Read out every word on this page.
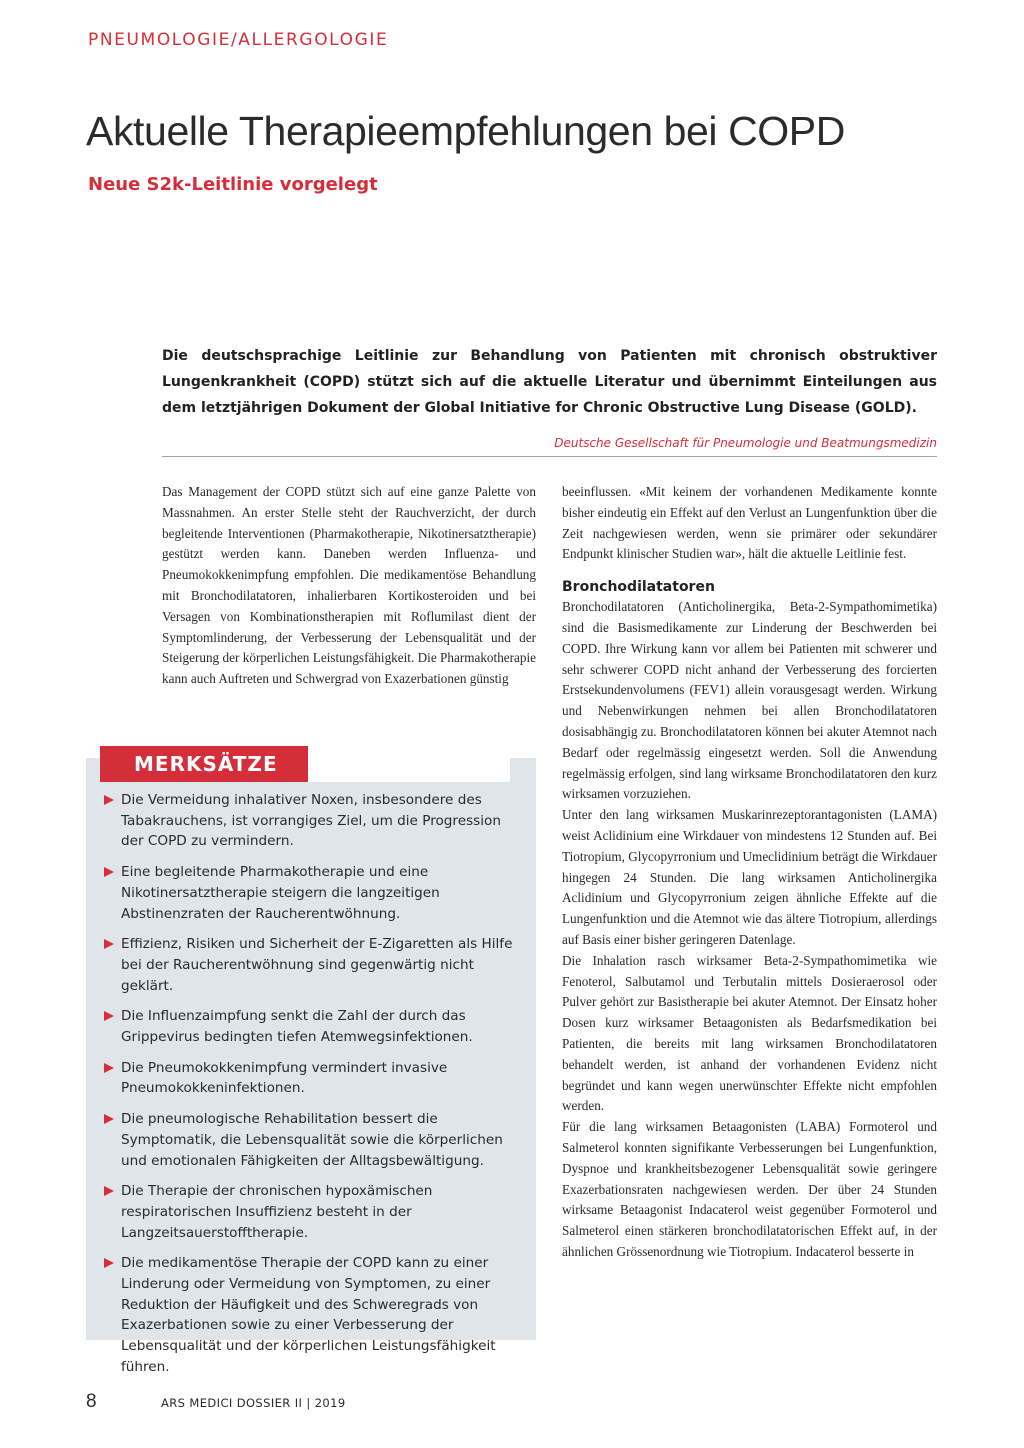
PNEUMOLOGIE/ALLERGOLOGIE
Aktuelle Therapieempfehlungen bei COPD
Neue S2k-Leitlinie vorgelegt

Die deutschsprachige Leitlinie zur Behandlung von Patienten mit chronisch obstruktiver Lungenkrankheit (COPD) stützt sich auf die aktuelle Literatur und übernimmt Einteilungen aus dem letztjährigen Dokument der Global Initiative for Chronic Obstructive Lung Disease (GOLD).

Deutsche Gesellschaft für Pneumologie und Beatmungsmedizin

Das Management der COPD stützt sich auf eine ganze Palette von Massnahmen. An erster Stelle steht der Rauchverzicht, der durch begleitende Interventionen (Pharmakotherapie, Nikotinersatztherapie) gestützt werden kann. Daneben werden Influenza- und Pneumokokkenimpfung empfohlen. Die medikamentöse Behandlung mit Bronchodilatatoren, inhalierbaren Kortikosteroiden und bei Versagen von Kombinationstherapien mit Roflumilast dient der Symptomlinderung, der Verbesserung der Lebensqualität und der Steigerung der körperlichen Leistungsfähigkeit. Die Pharmakotherapie kann auch Auftreten und Schwergrad von Exazerbationen günstig

beeinflussen. «Mit keinem der vorhandenen Medikamente konnte bisher eindeutig ein Effekt auf den Verlust an Lungenfunktion über die Zeit nachgewiesen werden, wenn sie primärer oder sekundärer Endpunkt klinischer Studien war», hält die aktuelle Leitlinie fest.

Bronchodilatatoren

Bronchodilatatoren (Anticholinergika, Beta-2-Sympathomimetika) sind die Basismedikamente zur Linderung der Beschwerden bei COPD. Ihre Wirkung kann vor allem bei Patienten mit schwerer und sehr schwerer COPD nicht anhand der Verbesserung des forcierten Erstsekundenvolumens (FEV1) allein vorausgesagt werden. Wirkung und Nebenwirkungen nehmen bei allen Bronchodilatatoren dosisabhängig zu. Bronchodilatatoren können bei akuter Atemnot nach Bedarf oder regelmässig eingesetzt werden. Soll die Anwendung regelmässig erfolgen, sind lang wirksame Bronchodilatatoren den kurz wirksamen vorzuziehen.

Unter den lang wirksamen Muskarinrezeptorantagonisten (LAMA) weist Aclidinium eine Wirkdauer von mindestens 12 Stunden auf. Bei Tiotropium, Glycopyrronium und Umeclidinium beträgt die Wirkdauer hingegen 24 Stunden. Die lang wirksamen Anticholinergika Aclidinium und Glycopyrronium zeigen ähnliche Effekte auf die Lungenfunktion und die Atemnot wie das ältere Tiotropium, allerdings auf Basis einer bisher geringeren Datenlage.

Die Inhalation rasch wirksamer Beta-2-Sympathomimetika wie Fenoterol, Salbutamol und Terbutalin mittels Dosieraerosol oder Pulver gehört zur Basistherapie bei akuter Atemnot. Der Einsatz hoher Dosen kurz wirksamer Betaagonisten als Bedarfsmedikation bei Patienten, die bereits mit lang wirksamen Bronchodilatatoren behandelt werden, ist anhand der vorhandenen Evidenz nicht begründet und kann wegen unerwünschter Effekte nicht empfohlen werden.

Für die lang wirksamen Betaagonisten (LABA) Formoterol und Salmeterol konnten signifikante Verbesserungen bei Lungenfunktion, Dyspnoe und krankheitsbezogener Lebensqualität sowie geringere Exazerbationsraten nachgewiesen werden. Der über 24 Stunden wirksame Betaagonist Indacaterol weist gegenüber Formoterol und Salmeterol einen stärkeren bronchodilatatorischen Effekt auf, in der ähnlichen Grössenordnung wie Tiotropium. Indacaterol besserte in

MERKSÄTZE
Die Vermeidung inhalativer Noxen, insbesondere des Tabakrauchens, ist vorrangiges Ziel, um die Progression der COPD zu vermindern.
Eine begleitende Pharmakotherapie und eine Nikotinersatztherapie steigern die langzeitigen Abstinenzraten der Raucherentwöhnung.
Effizienz, Risiken und Sicherheit der E-Zigaretten als Hilfe bei der Raucherentwöhnung sind gegenwärtig nicht geklärt.
Die Influenzaimpfung senkt die Zahl der durch das Grippevirus bedingten tiefen Atemwegsinfektionen.
Die Pneumokokkenimpfung vermindert invasive Pneumokokkeninfektionen.
Die pneumologische Rehabilitation bessert die Symptomatik, die Lebensqualität sowie die körperlichen und emotionalen Fähigkeiten der Alltagsbewältigung.
Die Therapie der chronischen hypoxämischen respiratorischen Insuffizienz besteht in der Langzeitsauerstofftherapie.
Die medikamentöse Therapie der COPD kann zu einer Linderung oder Vermeidung von Symptomen, zu einer Reduktion der Häufigkeit und des Schweregrads von Exazerbationen sowie zu einer Verbesserung der Lebensqualität und der körperlichen Leistungsfähigkeit führen.
8	ARS MEDICI DOSSIER II | 2019
